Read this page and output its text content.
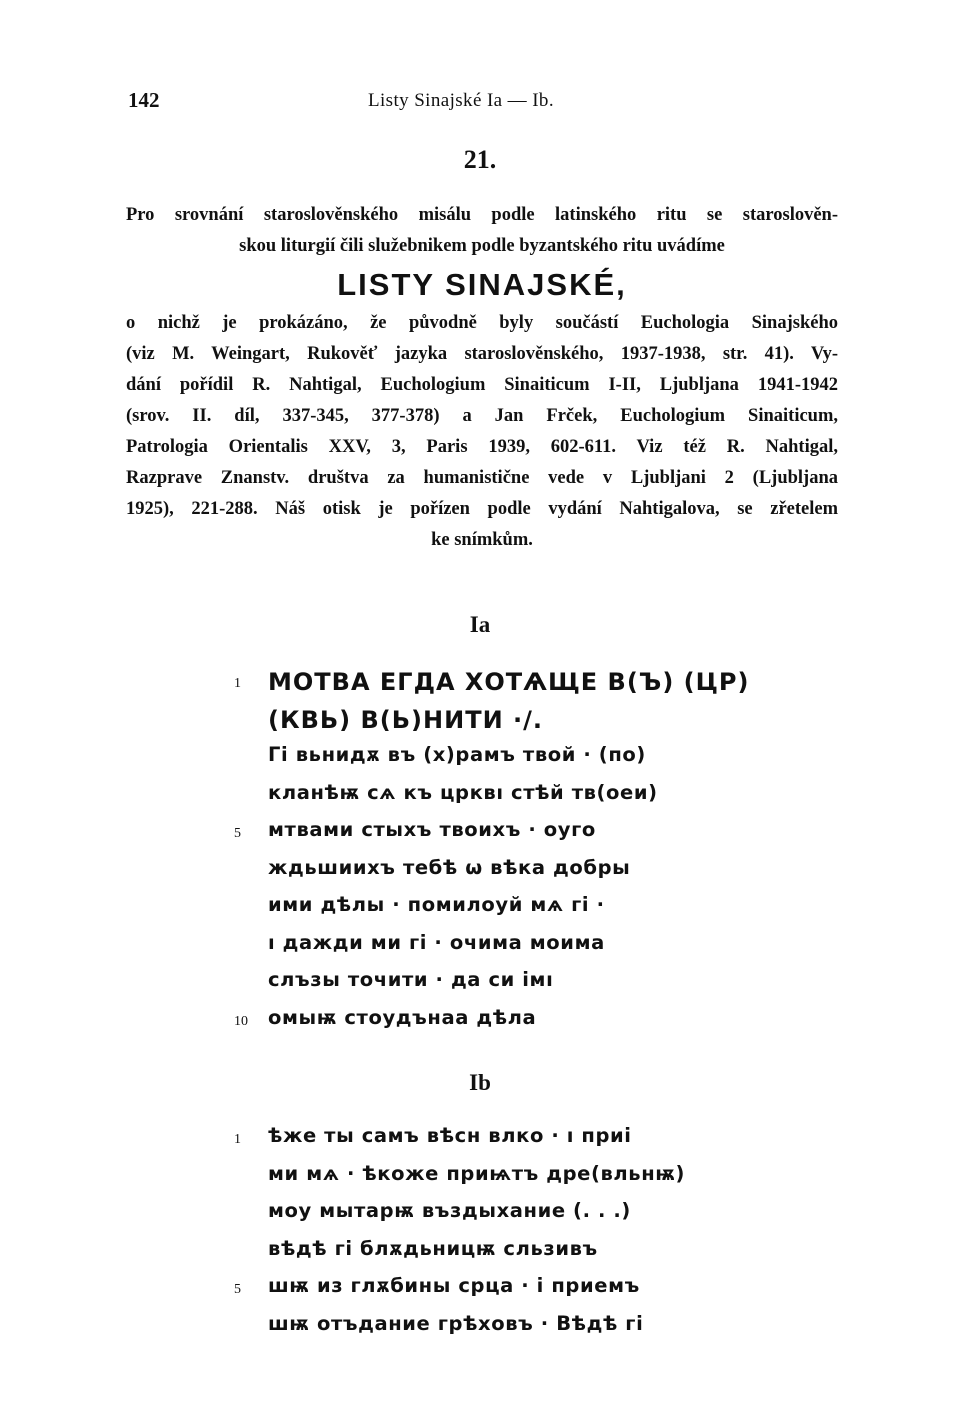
142	Listy Sinajské Ia — Ib.
21.

Pro srovnání staroslověnského misálu podle latinského ritu se staroslověn-

skou liturgií čili služebnikem podle byzantského ritu uvádíme

LISTY SINAJSKÉ,

o nichž je prokázáno, že původně byly součástí Euchologia Sinajského

(viz M. Weingart, Rukověť jazyka staroslověnského, 1937-1938, str. 41). Vy-

dání pořídil R. Nahtigal, Euchologium Sinaiticum I-II, Ljubljana 1941-1942

(srov. II. díl, 337-345, 377-378) a Jan Frček, Euchologium Sinaiticum,

Patrologia Orientalis XXV, 3, Paris 1939, 602-611. Viz též R. Nahtigal,

Razprave Znanstv. društva za humanistične vede v Ljubljani 2 (Ljubljana

1925), 221-288. Náš otisk je pořízen podle vydání Nahtigalova, se zřetelem

ke snímkům.

Ia
1	МОТВА ЕГДА ХОТѦЩЕ В(Ъ) (ЦР)
(КВЬ) В(Ь)НИТИ ·/.
Гі вьнидѫ въ (х)рамъ твой · (по)
кланѣѭ сѧ къ црквı стѣй тв(оеи)
5	мтвами стыхъ твоихъ · оуго
ждьшиихъ тебѣ ѡ вѣка добры
ими дѣлы · помилоуй мѧ гі ·
ı дажди ми гі · очима моима
слъзы точити · да си імı
10	омыѭ стоудънаа дѣла
Ib
1	ѣже ты самъ вѣсн влко · ı приі
ми мѧ · ѣкоже приѩтъ дре(вльнѭ)
моу мытарѭ въздыхание (. . .)
вѣдѣ гі блѫдьницѭ сльзивъ
5	шѭ из глѫбины срца · і приемъ
шѭ отъдание грѣховъ · Вѣдѣ гі
